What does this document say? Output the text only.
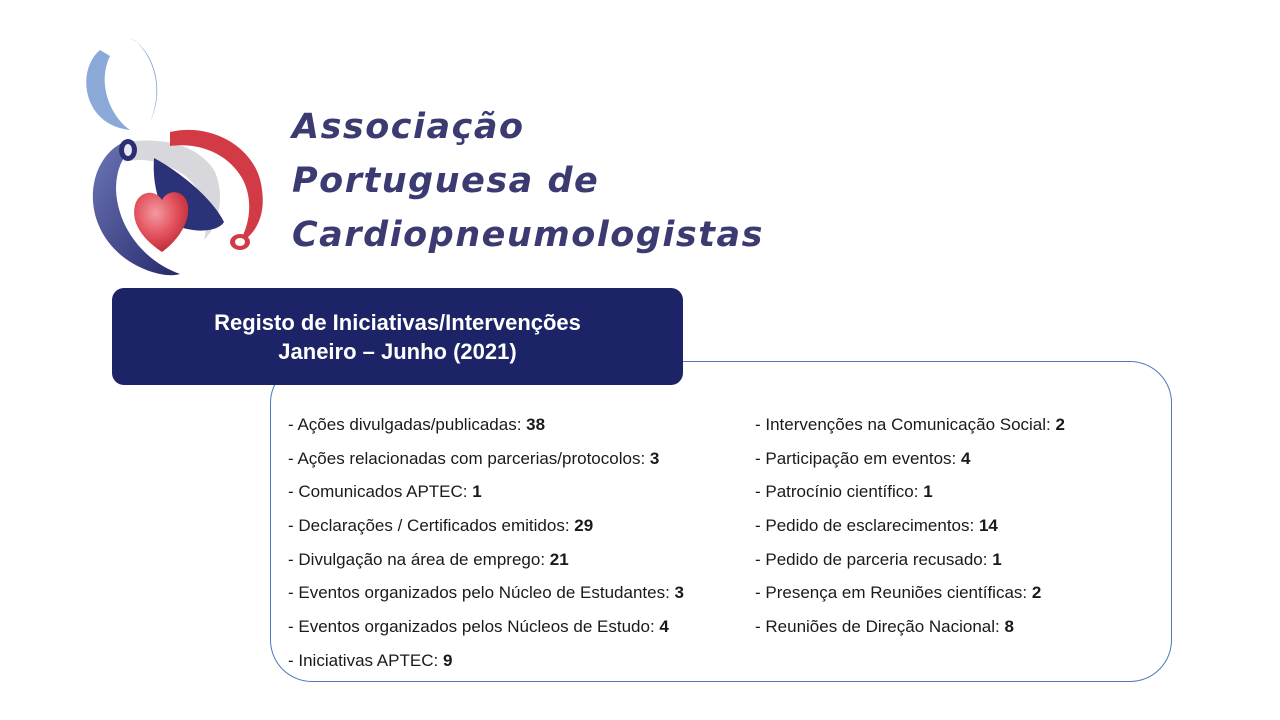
Associação
Portuguesa de
Cardiopneumologistas
Registo de Iniciativas/Intervenções
Janeiro – Junho (2021)
- Ações divulgadas/publicadas: 38
- Ações relacionadas com parcerias/protocolos: 3
- Comunicados APTEC: 1
- Declarações / Certificados emitidos: 29
- Divulgação na área de emprego: 21
- Eventos organizados pelo Núcleo de Estudantes: 3
- Eventos organizados pelos Núcleos de Estudo: 4
- Iniciativas APTEC: 9
- Intervenções na Comunicação Social: 2
- Participação em eventos: 4
- Patrocínio científico: 1
- Pedido de esclarecimentos: 14
- Pedido de parceria recusado: 1
- Presença em Reuniões científicas: 2
- Reuniões de Direção Nacional: 8
